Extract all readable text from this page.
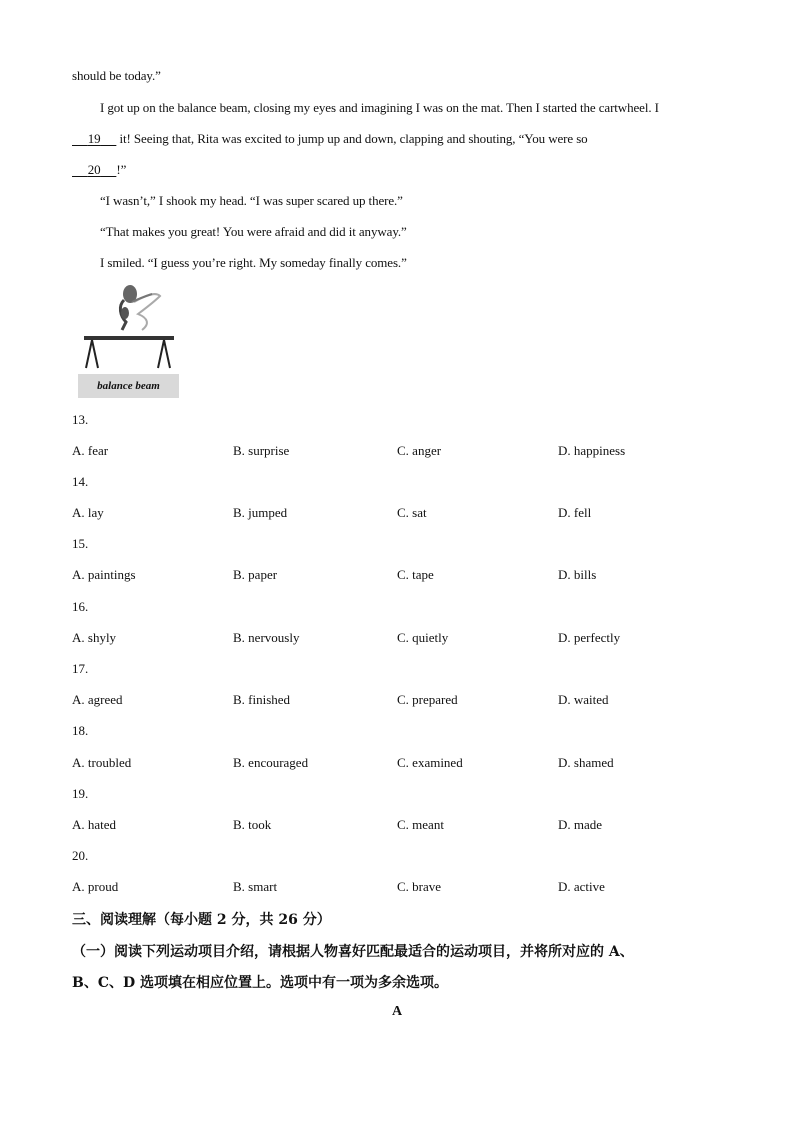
should be today.”
I got up on the balance beam, closing my eyes and imagining I was on the mat. Then I started the cartwheel. I
19      it! Seeing that, Rita was excited to jump up and down, clapping and shouting, “You were so
20 !”
“I wasn’t,” I shook my head. “I was super scared up there.”
“That makes you great! You were afraid and did it anyway.”
I smiled. “I guess you’re right. My someday finally comes.”
balance beam
13.
A. fear	B. surprise	C. anger	D. happiness
14.
A. lay	B. jumped	C. sat	D. fell
15.
A. paintings	B. paper	C. tape	D. bills
16.
A. shyly	B. nervously	C. quietly	D. perfectly
17.
A. agreed	B. finished	C. prepared	D. waited
18.
A. troubled	B. encouraged	C. examined	D. shamed
19.
A. hated	B. took	C. meant	D. made
20.
A. proud	B. smart	C. brave	D. active
三、阅读理解（每小题 2 分，共 26 分）
（一）阅读下列运动项目介绍，请根据人物喜好匹配最适合的运动项目，并将所对应的 A、
B、C、D 选项填在相应位置上。选项中有一项为多余选项。
A
